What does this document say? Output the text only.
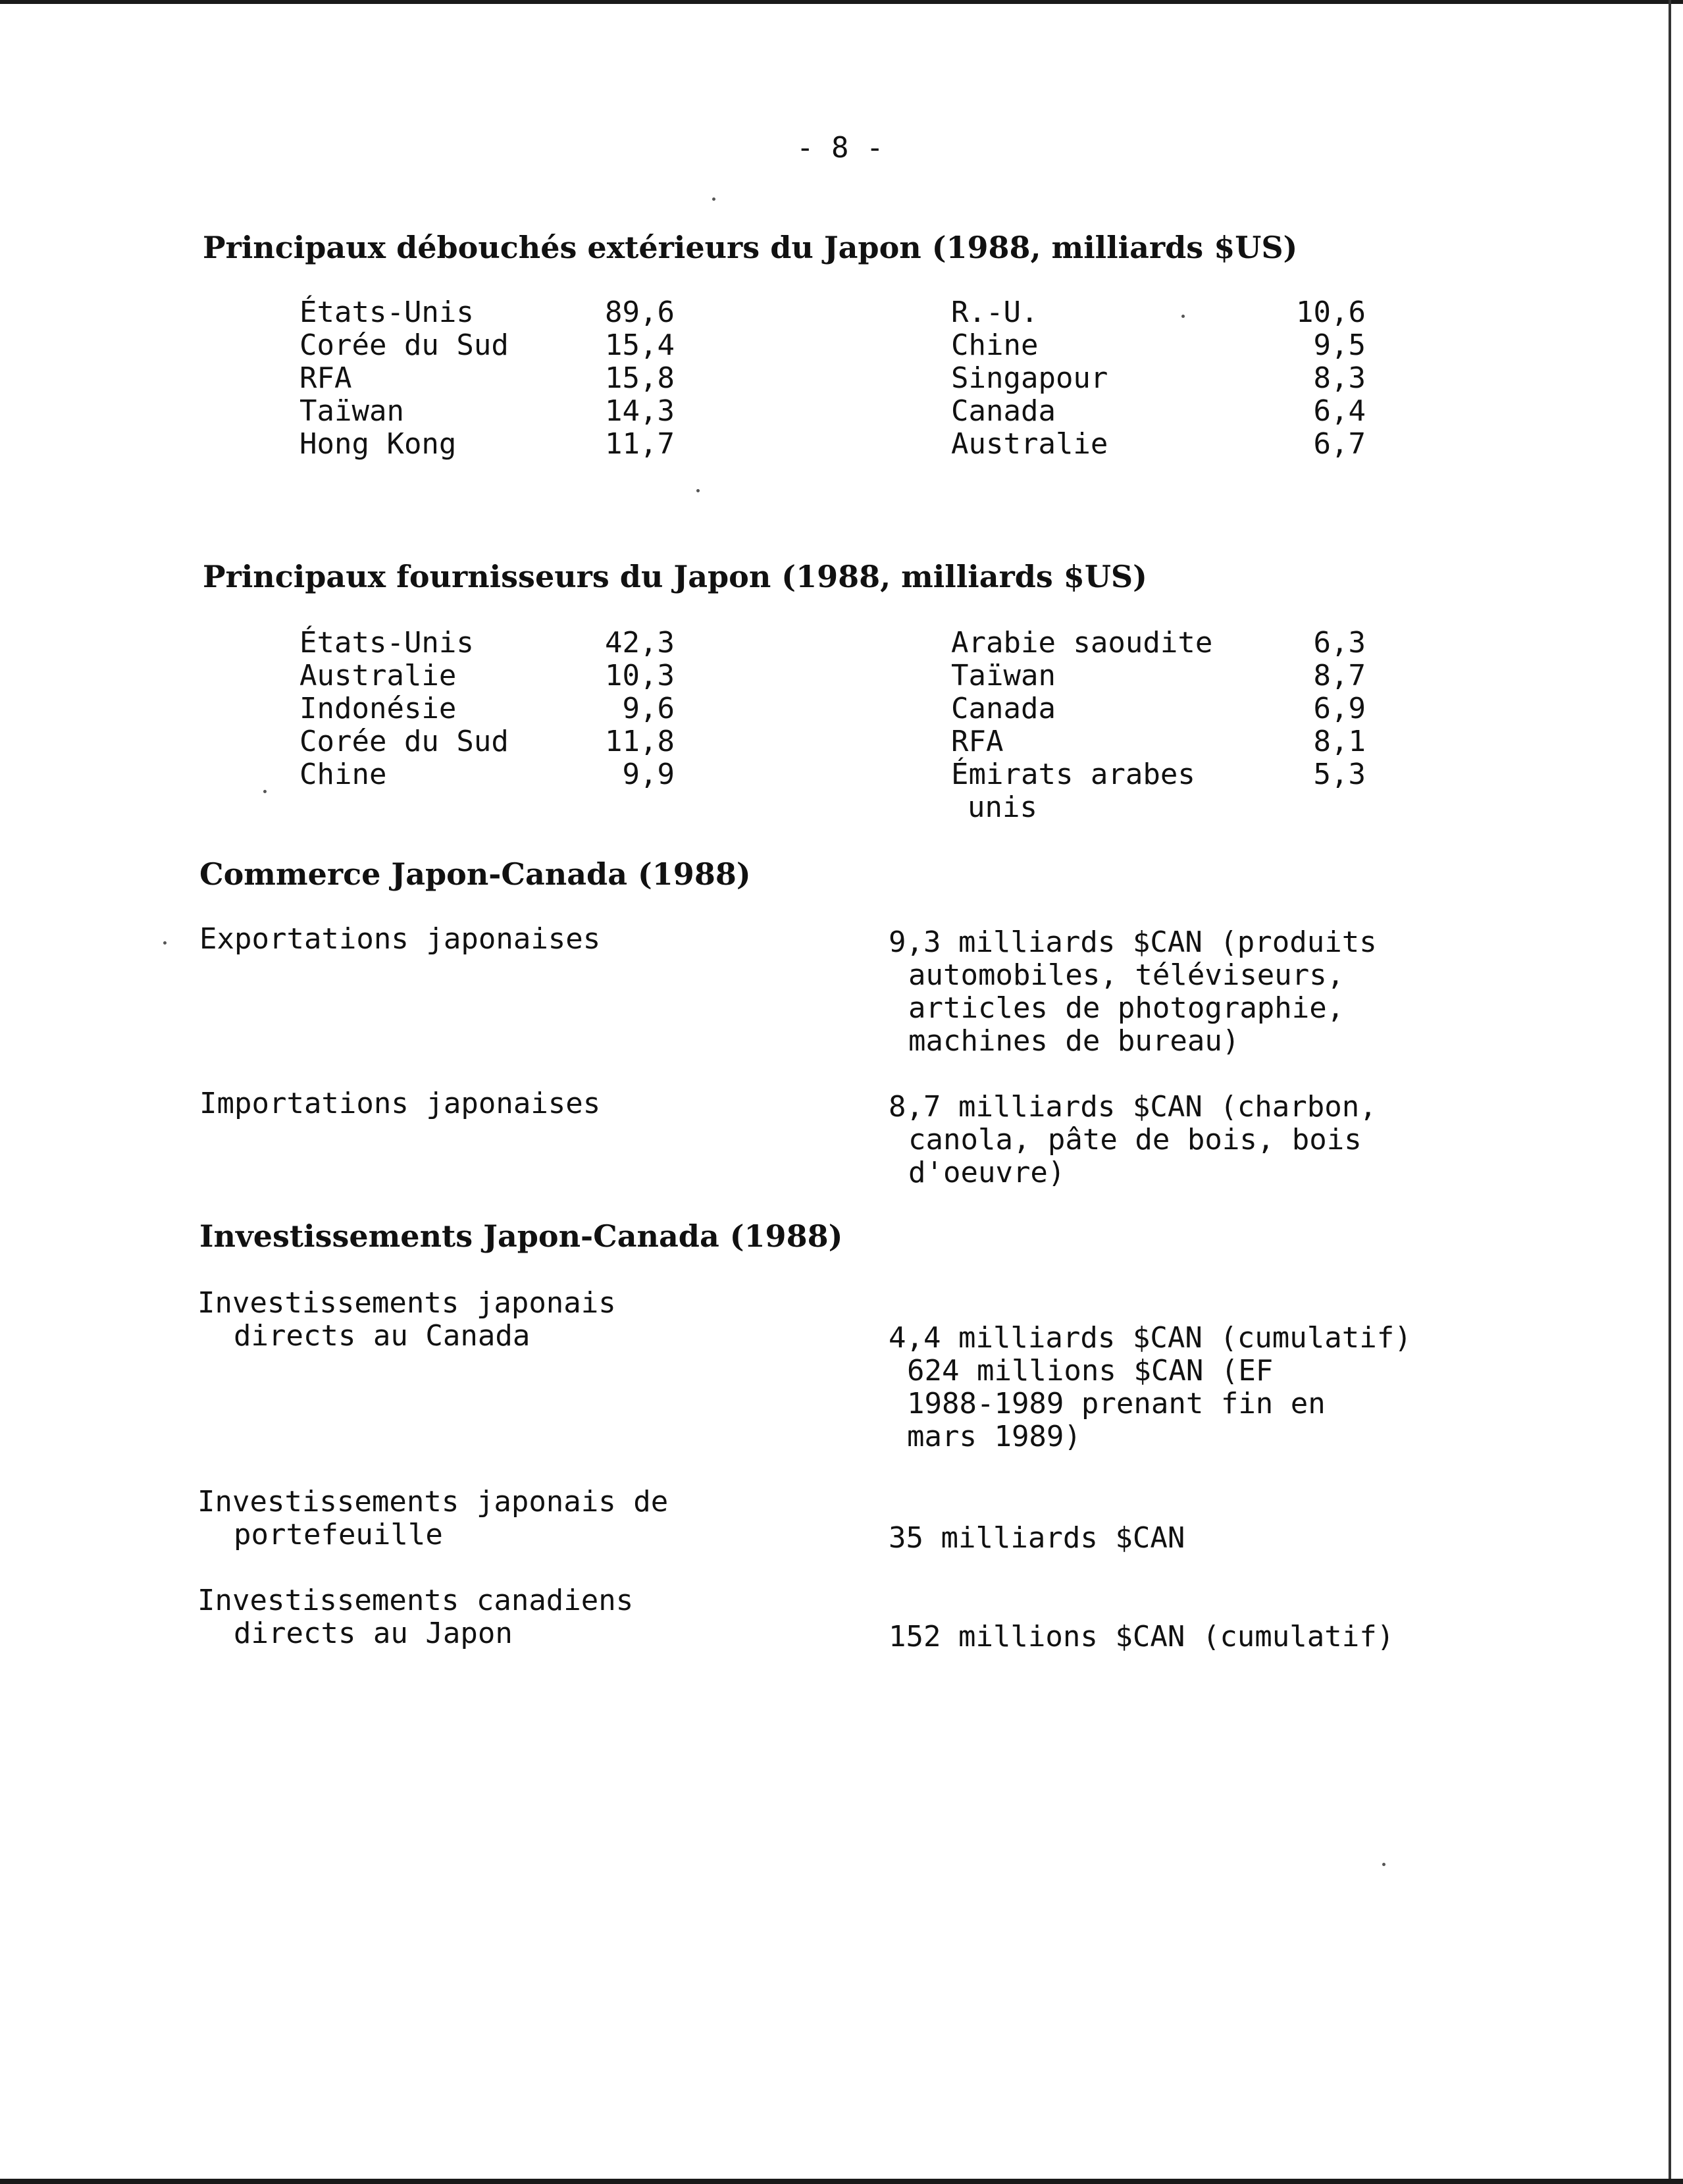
- 8 -
Principaux débouchés extérieurs du Japon (1988, milliards $US)
États-Unis	89,6
Corée du Sud	15,4
RFA	15,8
Taïwan	14,3
Hong Kong	11,7
R.-U.	10,6
Chine	9,5
Singapour	8,3
Canada	6,4
Australie	6,7
Principaux fournisseurs du Japon (1988, milliards $US)
États-Unis	42,3
Australie	10,3
Indonésie	9,6
Corée du Sud	11,8
Chine	9,9
Arabie saoudite	6,3
Taïwan	8,7
Canada	6,9
RFA	8,1
Émirats arabes	5,3
unis
Commerce Japon-Canada (1988)
Exportations japonaises	9,3 milliards $CAN (produits
automobiles, téléviseurs,
articles de photographie,
machines de bureau)
Importations japonaises	8,7 milliards $CAN (charbon,
canola, pâte de bois, bois
d'oeuvre)
Investissements Japon-Canada (1988)
Investissements japonais
directs au Canada	4,4 milliards $CAN (cumulatif)
624 millions $CAN (EF
1988-1989 prenant fin en
mars 1989)
Investissements japonais de
portefeuille	35 milliards $CAN
Investissements canadiens
directs au Japon	152 millions $CAN (cumulatif)
